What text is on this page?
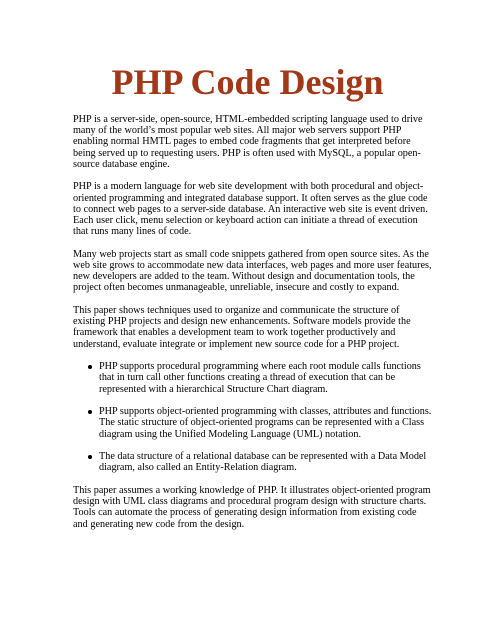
PHP Code Design

PHP is a server-side, open-source, HTML-embedded scripting language used to drive many of the world’s most popular web sites. All major web servers support PHP enabling normal HMTL pages to embed code fragments that get interpreted before being served up to requesting users. PHP is often used with MySQL, a popular open-source database engine.

PHP is a modern language for web site development with both procedural and object-oriented programming and integrated database support. It often serves as the glue code to connect web pages to a server-side database. An interactive web site is event driven. Each user click, menu selection or keyboard action can initiate a thread of execution that runs many lines of code.

Many web projects start as small code snippets gathered from open source sites. As the web site grows to accommodate new data interfaces, web pages and more user features, new developers are added to the team. Without design and documentation tools, the project often becomes unmanageable, unreliable, insecure and costly to expand.

This paper shows techniques used to organize and communicate the structure of existing PHP projects and design new enhancements. Software models provide the framework that enables a development team to work together productively and understand, evaluate integrate or implement new source code for a PHP project.

PHP supports procedural programming where each root module calls functions that in turn call other functions creating a thread of execution that can be represented with a hierarchical Structure Chart diagram.
PHP supports object-oriented programming with classes, attributes and functions. The static structure of object-oriented programs can be represented with a Class diagram using the Unified Modeling Language (UML) notation.
The data structure of a relational database can be represented with a Data Model diagram, also called an Entity-Relation diagram.

This paper assumes a working knowledge of PHP. It illustrates object-oriented program design with UML class diagrams and procedural program design with structure charts. Tools can automate the process of generating design information from existing code and generating new code from the design.
